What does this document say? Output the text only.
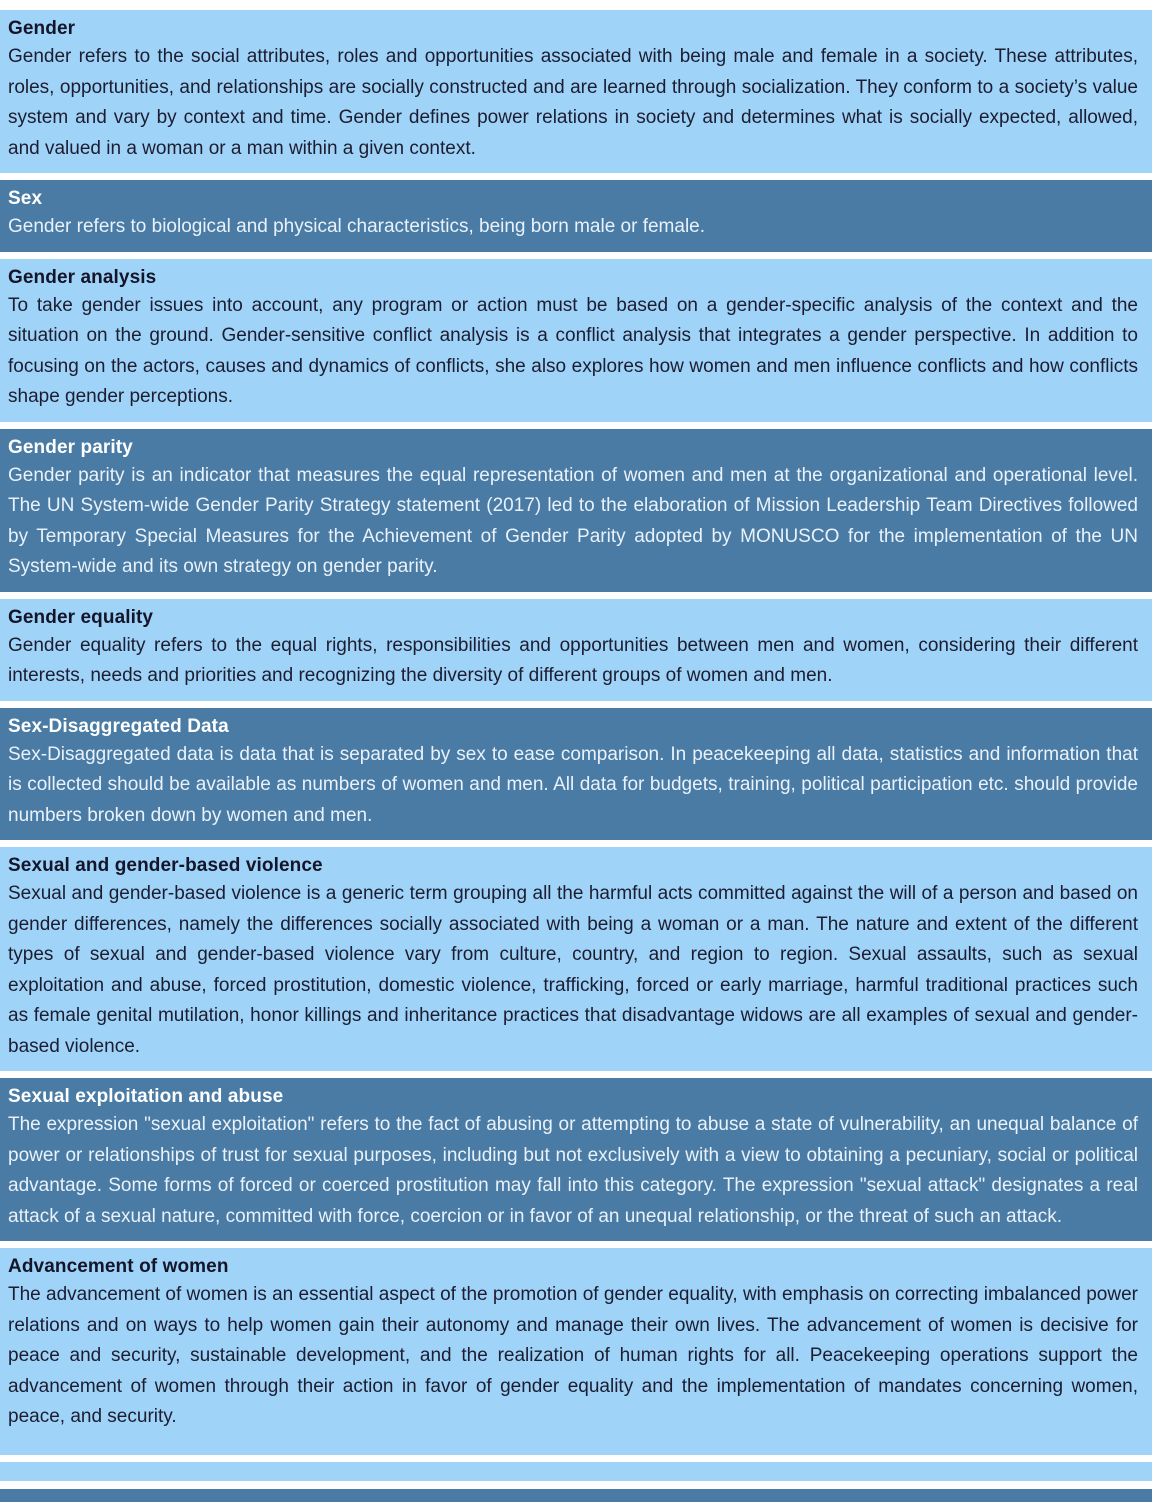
Gender

Gender refers to the social attributes, roles and opportunities associated with being male and female in a society. These attributes, roles, opportunities, and relationships are socially constructed and are learned through socialization. They conform to a society’s value system and vary by context and time. Gender defines power relations in society and determines what is socially expected, allowed, and valued in a woman or a man within a given context.

Sex

Gender refers to biological and physical characteristics, being born male or female.

Gender analysis

To take gender issues into account, any program or action must be based on a gender-specific analysis of the context and the situation on the ground. Gender-sensitive conflict analysis is a conflict analysis that integrates a gender perspective. In addition to focusing on the actors, causes and dynamics of conflicts, she also explores how women and men influence conflicts and how conflicts shape gender perceptions.

Gender parity

Gender parity is an indicator that measures the equal representation of women and men at the organizational and operational level. The UN System-wide Gender Parity Strategy statement (2017) led to the elaboration of Mission Leadership Team Directives followed by Temporary Special Measures for the Achievement of Gender Parity adopted by MONUSCO for the implementation of the UN System-wide and its own strategy on gender parity.

Gender equality

Gender equality refers to the equal rights, responsibilities and opportunities between men and women, considering their different interests, needs and priorities and recognizing the diversity of different groups of women and men.

Sex-Disaggregated Data

Sex-Disaggregated data is data that is separated by sex to ease comparison. In peacekeeping all data, statistics and information that is collected should be available as numbers of women and men. All data for budgets, training, political participation etc. should provide numbers broken down by women and men.

Sexual and gender-based violence

Sexual and gender-based violence is a generic term grouping all the harmful acts committed against the will of a person and based on gender differences, namely the differences socially associated with being a woman or a man. The nature and extent of the different types of sexual and gender-based violence vary from culture, country, and region to region. Sexual assaults, such as sexual exploitation and abuse, forced prostitution, domestic violence, trafficking, forced or early marriage, harmful traditional practices such as female genital mutilation, honor killings and inheritance practices that disadvantage widows are all examples of sexual and gender-based violence.

Sexual exploitation and abuse

The expression "sexual exploitation" refers to the fact of abusing or attempting to abuse a state of vulnerability, an unequal balance of power or relationships of trust for sexual purposes, including but not exclusively with a view to obtaining a pecuniary, social or political advantage. Some forms of forced or coerced prostitution may fall into this category. The expression "sexual attack" designates a real attack of a sexual nature, committed with force, coercion or in favor of an unequal relationship, or the threat of such an attack.

Advancement of women

The advancement of women is an essential aspect of the promotion of gender equality, with emphasis on correcting imbalanced power relations and on ways to help women gain their autonomy and manage their own lives. The advancement of women is decisive for peace and security, sustainable development, and the realization of human rights for all. Peacekeeping operations support the advancement of women through their action in favor of gender equality and the implementation of mandates concerning women, peace, and security.
